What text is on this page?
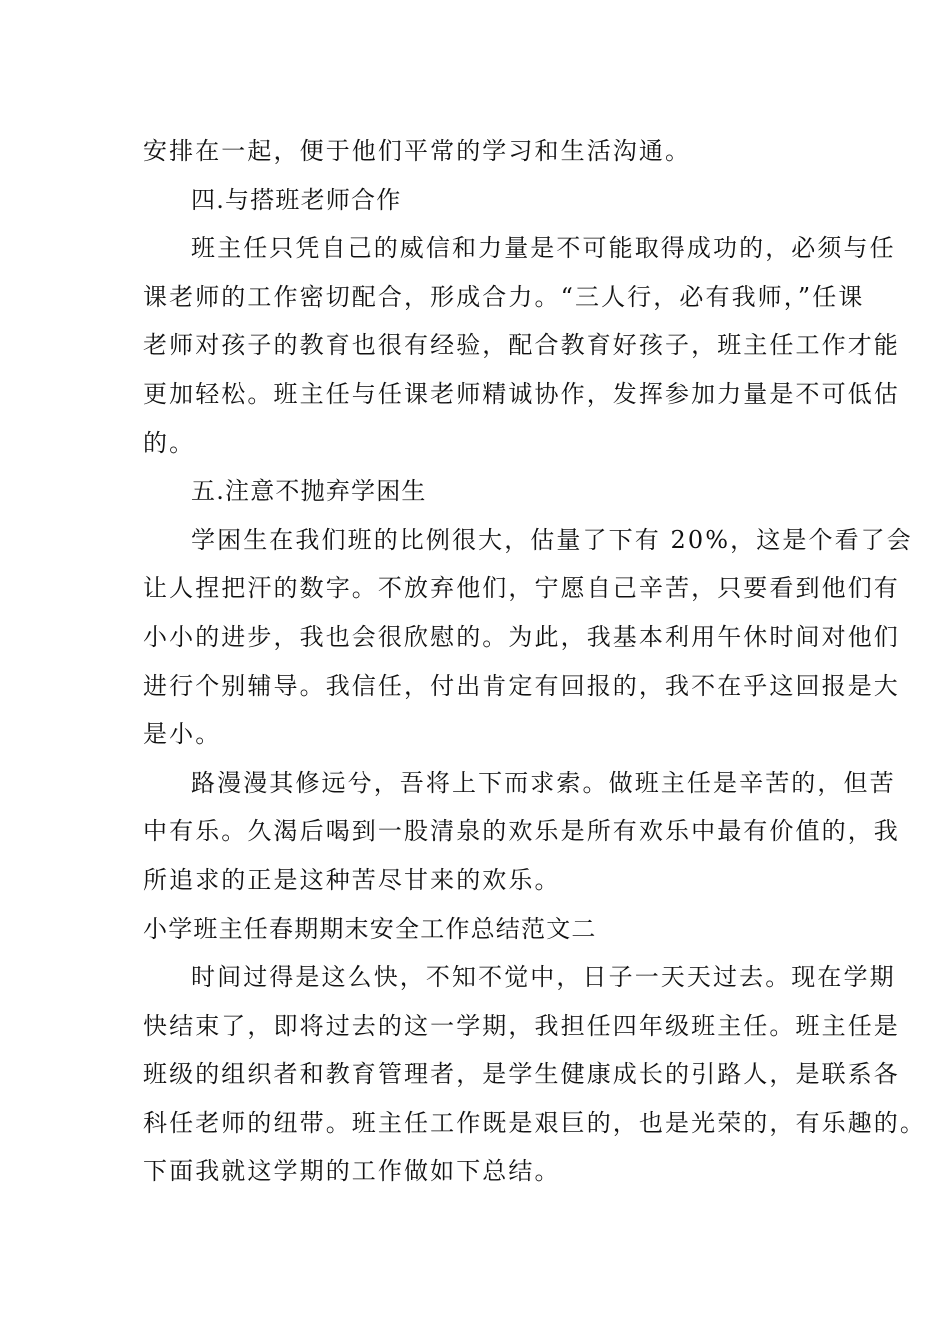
安排在一起，便于他们平常的学习和生活沟通。
四.与搭班老师合作
班主任只凭自己的威信和力量是不可能取得成功的，必须与任
课老师的工作密切配合，形成合力。“三人行，必有我师，”任课
老师对孩子的教育也很有经验，配合教育好孩子，班主任工作才能
更加轻松。班主任与任课老师精诚协作，发挥参加力量是不可低估
的。
五.注意不抛弃学困生
学困生在我们班的比例很大，估量了下有 20%，这是个看了会
让人捏把汗的数字。不放弃他们，宁愿自己辛苦，只要看到他们有
小小的进步，我也会很欣慰的。为此，我基本利用午休时间对他们
进行个别辅导。我信任，付出肯定有回报的，我不在乎这回报是大
是小。
路漫漫其修远兮，吾将上下而求索。做班主任是辛苦的，但苦
中有乐。久渴后喝到一股清泉的欢乐是所有欢乐中最有价值的，我
所追求的正是这种苦尽甘来的欢乐。
小学班主任春期期末安全工作总结范文二
时间过得是这么快，不知不觉中，日子一天天过去。现在学期
快结束了，即将过去的这一学期，我担任四年级班主任。班主任是
班级的组织者和教育管理者，是学生健康成长的引路人，是联系各
科任老师的纽带。班主任工作既是艰巨的，也是光荣的，有乐趣的。
下面我就这学期的工作做如下总结。
